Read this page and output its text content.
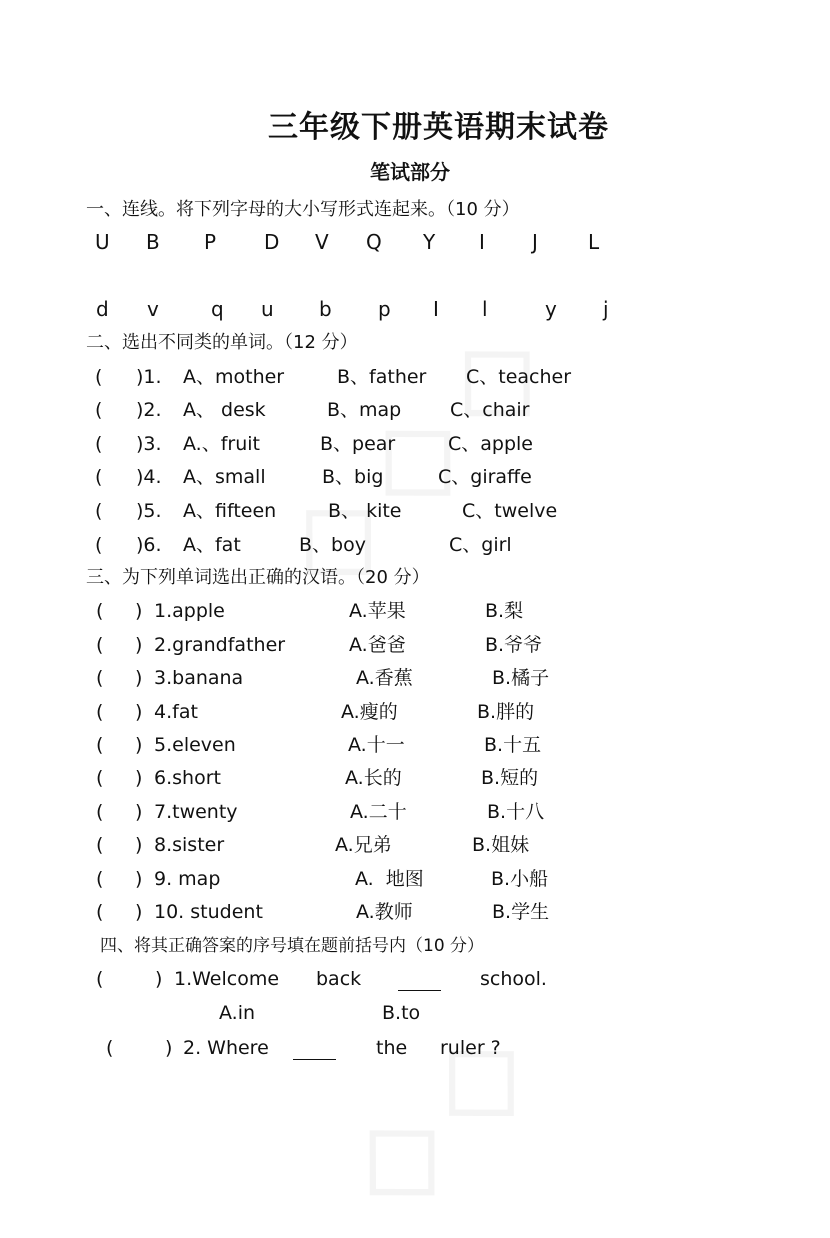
三年级下册英语期末试卷
笔试部分
一、连线。将下列字母的大小写形式连起来。（10 分）
U B P D V Q Y I J	L
d v	q u b p I l	y j
二、选出不同类的单词。（12 分）
( )1. A、mother	B、father C、teacher
( )2. A、 desk	B、map	C、chair
( )3. A.、fruit	B、pear	C、apple
( )4. A、small	B、big	C、giraffe
( )5. A、fifteen	B、 kite	C、twelve
( )6. A、fat	B、boy	C、girl
三、为下列单词选出正确的汉语。（20 分）
( ) 1.apple	A.苹果	B.梨
( ) 2.grandfather	A.爸爸	B.爷爷
( ) 3.banana	A.香蕉	B.橘子
( ) 4.fat	A.瘦的	B.胖的
( ) 5.eleven	A.十一	B.十五
( ) 6.short	A.长的	B.短的
( ) 7.twenty	A.二十	B.十八
( ) 8.sister	A.兄弟	B.姐妹
( ) 9. map	A.  地图	B.小船
( ) 10. student	A.教师	B.学生
四、将其正确答案的序号填在题前括号内（10 分）
(	) 1.Welcome back	school.
A.in	B.to
(	) 2. Where	the ruler ?
